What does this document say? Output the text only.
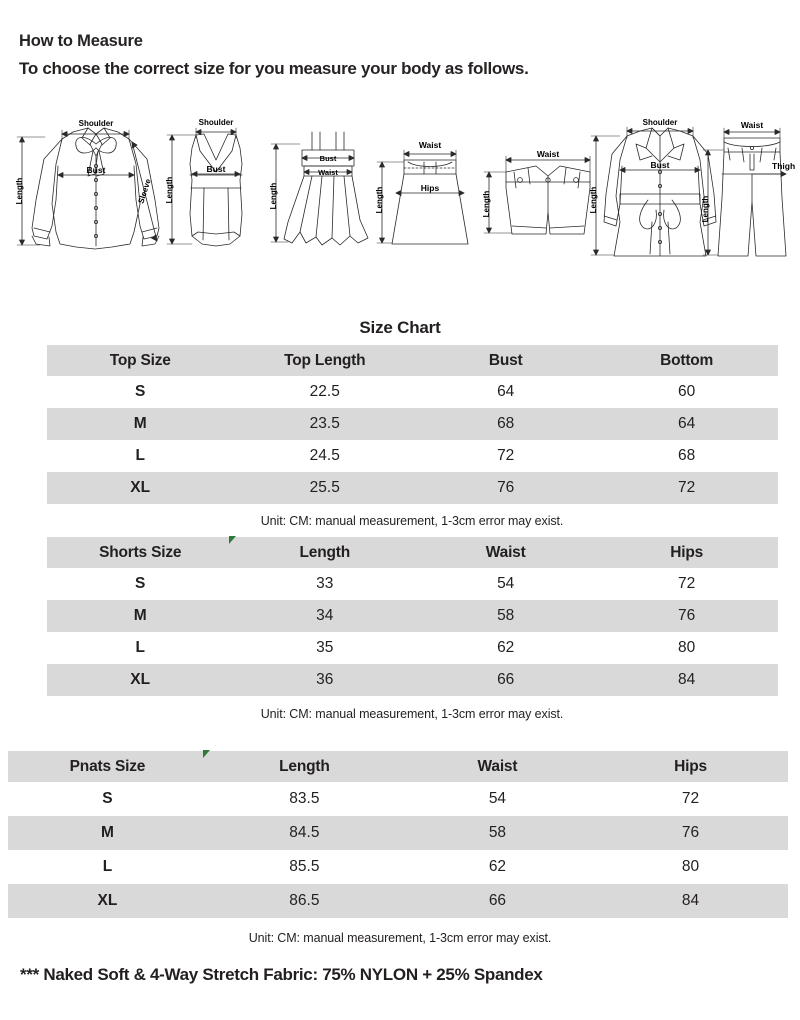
How to Measure
To choose the correct size for you measure your body as follows.
Shoulder
Bust
Length	Sleeve
Shoulder
Bust
Length
Bust
Waist
Length
Waist
Hips
Length
Waist
Length
Shoulder
Bust
Length
Waist
Thigh
Length
Size Chart
Top Size	Top Length	Bust	Bottom
S	22.5	64	60
M	23.5	68	64
L	24.5	72	68
XL	25.5	76	72
Unit: CM: manual measurement, 1-3cm error may exist.
Shorts Size	Length	Waist	Hips
S	33	54	72
M	34	58	76
L	35	62	80
XL	36	66	84
Unit: CM: manual measurement, 1-3cm error may exist.
Pnats Size	Length	Waist	Hips
S	83.5	54	72
M	84.5	58	76
L	85.5	62	80
XL	86.5	66	84
Unit: CM: manual measurement, 1-3cm error may exist.
*** Naked Soft & 4-Way Stretch Fabric: 75% NYLON + 25% Spandex
